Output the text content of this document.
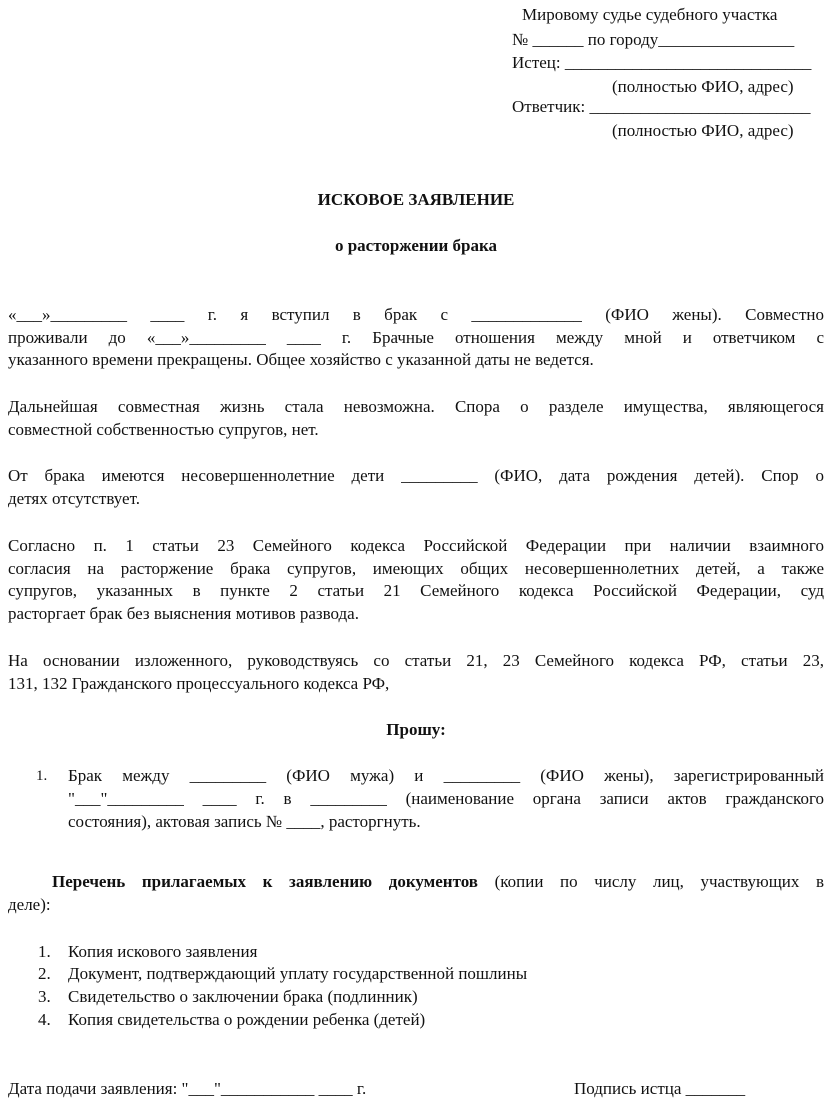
Мировому судье судебного участка
№ ______ по городу________________
Истец: _____________________________
(полностью ФИО, адрес)
Ответчик: __________________________
(полностью ФИО, адрес)
ИСКОВОЕ ЗАЯВЛЕНИЕ
о расторжении брака
«___»_________ ____ г. я вступил в брак с _____________ (ФИО жены). Совместно
проживали до «___»_________ ____ г. Брачные отношения между мной и ответчиком с
указанного времени прекращены. Общее хозяйство с указанной даты не ведется.
Дальнейшая совместная жизнь стала невозможна. Спора о разделе имущества, являющегося
совместной собственностью супругов, нет.
От брака имеются несовершеннолетние дети _________ (ФИО, дата рождения детей). Спор о
детях отсутствует.
Согласно п. 1 статьи 23 Семейного кодекса Российской Федерации при наличии взаимного
согласия на расторжение брака супругов, имеющих общих несовершеннолетних детей, а также
супругов, указанных в пункте 2 статьи 21 Семейного кодекса Российской Федерации, суд
расторгает брак без выяснения мотивов развода.
На основании изложенного, руководствуясь со статьи 21, 23 Семейного кодекса РФ, статьи 23,
131, 132 Гражданского процессуального кодекса РФ,
Прошу:
1. Брак между _________ (ФИО мужа) и _________ (ФИО жены), зарегистрированный
"___"_________ ____ г. в _________ (наименование органа записи актов гражданского
состояния), актовая запись № ____, расторгнуть.
Перечень прилагаемых к заявлению документов (копии по числу лиц, участвующих в
деле):
1. Копия искового заявления
2. Документ, подтверждающий уплату государственной пошлины
3. Свидетельство о заключении брака (подлинник)
4. Копия свидетельства о рождении ребенка (детей)
Дата подачи заявления: "___"___________ ____ г.	Подпись истца _______
